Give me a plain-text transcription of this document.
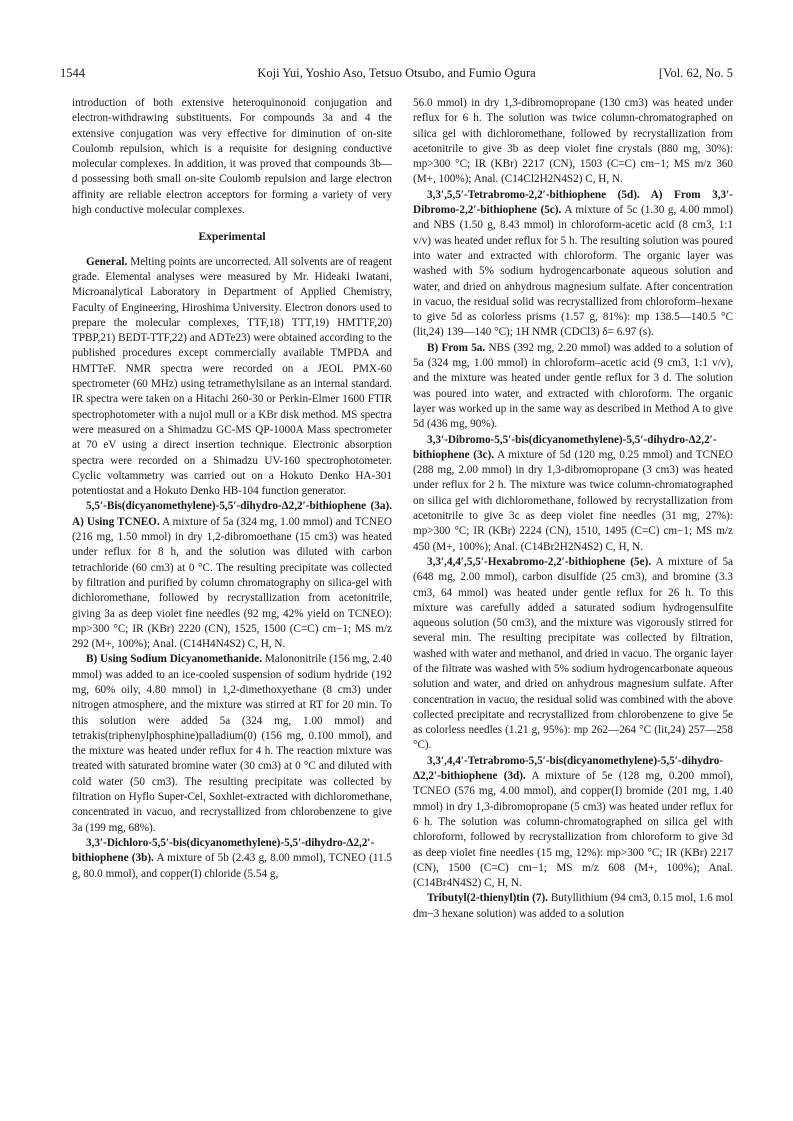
1544	Koji Yui, Yoshio Aso, Tetsuo Otsubo, and Fumio Ogura	[Vol. 62, No. 5

introduction of both extensive heteroquinonoid conjugation and electron-withdrawing substituents. For compounds 3a and 4 the extensive conjugation was very effective for diminution of on-site Coulomb repulsion, which is a requisite for designing conductive molecular complexes. In addition, it was proved that compounds 3b—d possessing both small on-site Coulomb repulsion and large electron affinity are reliable electron acceptors for forming a variety of very high conductive molecular complexes.

Experimental

General. Melting points are uncorrected. All solvents are of reagent grade. Elemental analyses were measured by Mr. Hideaki Iwatani, Microanalytical Laboratory in Department of Applied Chemistry, Faculty of Engineering, Hiroshima University. Electron donors used to prepare the molecular complexes, TTF,18) TTT,19) HMTTF,20) TPBP,21) BEDT-TTF,22) and ADTe23) were obtained according to the published procedures except commercially available TMPDA and HMTTeF. NMR spectra were recorded on a JEOL PMX-60 spectrometer (60 MHz) using tetramethylsilane as an internal standard. IR spectra were taken on a Hitachi 260-30 or Perkin-Elmer 1600 FTIR spectrophotometer with a nujol mull or a KBr disk method. MS spectra were measured on a Shimadzu GC-MS QP-1000A Mass spectrometer at 70 eV using a direct insertion technique. Electronic absorption spectra were recorded on a Shimadzu UV-160 spectrophotometer. Cyclic voltammetry was carried out on a Hokuto Denko HA-301 potentiostat and a Hokuto Denko HB-104 function generator.

5,5′-Bis(dicyanomethylene)-5,5′-dihydro-Δ2,2′-bithiophene (3a). A) Using TCNEO. A mixture of 5a (324 mg, 1.00 mmol) and TCNEO (216 mg, 1.50 mmol) in dry 1,2-dibromoethane (15 cm3) was heated under reflux for 8 h, and the solution was diluted with carbon tetrachloride (60 cm3) at 0 °C. The resulting precipitate was collected by filtration and purified by column chromatography on silica-gel with dichloromethane, followed by recrystallization from acetonitrile, giving 3a as deep violet fine needles (92 mg, 42% yield on TCNEO): mp>300 °C; IR (KBr) 2220 (CN), 1525, 1500 (C=C) cm−1; MS m/z 292 (M+, 100%); Anal. (C14H4N4S2) C, H, N.

B) Using Sodium Dicyanomethanide. Malononitrile (156 mg, 2.40 mmol) was added to an ice-cooled suspension of sodium hydride (192 mg, 60% oily, 4.80 mmol) in 1,2-dimethoxyethane (8 cm3) under nitrogen atmosphere, and the mixture was stirred at RT for 20 min. To this solution were added 5a (324 mg, 1.00 mmol) and tetrakis(triphenylphosphine)palladium(0) (156 mg, 0.100 mmol), and the mixture was heated under reflux for 4 h. The reaction mixture was treated with saturated bromine water (30 cm3) at 0 °C and diluted with cold water (50 cm3). The resulting precipitate was collected by filtration on Hyflo Super-Cel, Soxhlet-extracted with dichloromethane, concentrated in vacuo, and recrystallized from chlorobenzene to give 3a (199 mg, 68%).

3,3′-Dichloro-5,5′-bis(dicyanomethylene)-5,5′-dihydro-Δ2,2′-bithiophene (3b). A mixture of 5b (2.43 g, 8.00 mmol), TCNEO (11.5 g, 80.0 mmol), and copper(I) chloride (5.54 g,

56.0 mmol) in dry 1,3-dibromopropane (130 cm3) was heated under reflux for 6 h. The solution was twice column-chromatographed on silica gel with dichloromethane, followed by recrystallization from acetonitrile to give 3b as deep violet fine crystals (880 mg, 30%): mp>300 °C; IR (KBr) 2217 (CN), 1503 (C=C) cm−1; MS m/z 360 (M+, 100%); Anal. (C14Cl2H2N4S2) C, H, N.

3,3′,5,5′-Tetrabromo-2,2′-bithiophene (5d). A) From 3,3′-Dibromo-2,2′-bithiophene (5c). A mixture of 5c (1.30 g, 4.00 mmol) and NBS (1.50 g, 8.43 mmol) in chloroform-acetic acid (8 cm3, 1:1 v/v) was heated under reflux for 5 h. The resulting solution was poured into water and extracted with chloroform. The organic layer was washed with 5% sodium hydrogencarbonate aqueous solution and water, and dried on anhydrous magnesium sulfate. After concentration in vacuo, the residual solid was recrystallized from chloroform–hexane to give 5d as colorless prisms (1.57 g, 81%): mp 138.5—140.5 °C (lit,24) 139—140 °C); 1H NMR (CDCl3) δ= 6.97 (s).

B) From 5a. NBS (392 mg, 2.20 mmol) was added to a solution of 5a (324 mg, 1.00 mmol) in chloroform–acetic acid (9 cm3, 1:1 v/v), and the mixture was heated under gentle reflux for 3 d. The solution was poured into water, and extracted with chloroform. The organic layer was worked up in the same way as described in Method A to give 5d (436 mg, 90%).

3,3′-Dibromo-5,5′-bis(dicyanomethylene)-5,5′-dihydro-Δ2,2′-bithiophene (3c). A mixture of 5d (120 mg, 0.25 mmol) and TCNEO (288 mg, 2.00 mmol) in dry 1,3-dibromopropane (3 cm3) was heated under reflux for 2 h. The mixture was twice column-chromatographed on silica gel with dichloromethane, followed by recrystallization from acetonitrile to give 3c as deep violet fine needles (31 mg, 27%): mp>300 °C; IR (KBr) 2224 (CN), 1510, 1495 (C=C) cm−1; MS m/z 450 (M+, 100%); Anal. (C14Br2H2N4S2) C, H, N.

3,3′,4,4′,5,5′-Hexabromo-2,2′-bithiophene (5e). A mixture of 5a (648 mg, 2.00 mmol), carbon disulfide (25 cm3), and bromine (3.3 cm3, 64 mmol) was heated under gentle reflux for 26 h. To this mixture was carefully added a saturated sodium hydrogensulfite aqueous solution (50 cm3), and the mixture was vigorously stirred for several min. The resulting precipitate was collected by filtration, washed with water and methanol, and dried in vacuo. The organic layer of the filtrate was washed with 5% sodium hydrogencarbonate aqueous solution and water, and dried on anhydrous magnesium sulfate. After concentration in vacuo, the residual solid was combined with the above collected precipitate and recrystallized from chlorobenzene to give 5e as colorless needles (1.21 g, 95%): mp 262—264 °C (lit,24) 257—258 °C).

3,3′,4,4′-Tetrabromo-5,5′-bis(dicyanomethylene)-5,5′-dihydro-Δ2,2′-bithiophene (3d). A mixture of 5e (128 mg, 0.200 mmol), TCNEO (576 mg, 4.00 mmol), and copper(I) bromide (201 mg, 1.40 mmol) in dry 1,3-dibromopropane (5 cm3) was heated under reflux for 6 h. The solution was column-chromatographed on silica gel with chloroform, followed by recrystallization from chloroform to give 3d as deep violet fine needles (15 mg, 12%): mp>300 °C; IR (KBr) 2217 (CN), 1500 (C=C) cm−1; MS m/z 608 (M+, 100%); Anal. (C14Br4N4S2) C, H, N.

Tributyl(2-thienyl)tin (7). Butyllithium (94 cm3, 0.15 mol, 1.6 mol dm−3 hexane solution) was added to a solution
